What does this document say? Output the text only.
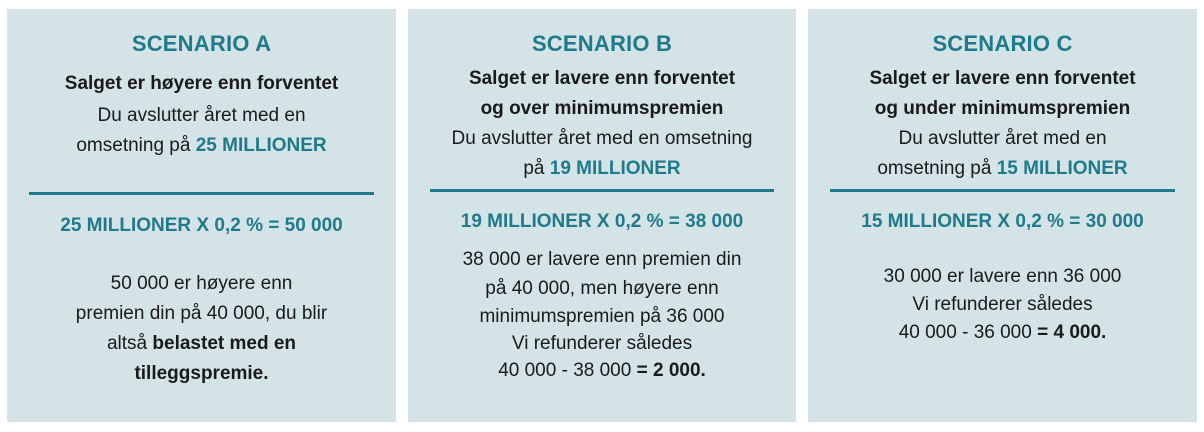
SCENARIO A
Salget er høyere enn forventet
Du avslutter året med en
omsetning på 25 MILLIONER
25 MILLIONER X 0,2 % = 50 000
50 000 er høyere enn
premien din på 40 000, du blir
altså belastet med en
tilleggspremie.
SCENARIO B
Salget er lavere enn forventet
og over minimumspremien
Du avslutter året med en omsetning
på 19 MILLIONER
19 MILLIONER X 0,2 % = 38 000
38 000 er lavere enn premien din
på 40 000, men høyere enn
minimumspremien på 36 000
Vi refunderer således
40 000 - 38 000 = 2 000.
SCENARIO C
Salget er lavere enn forventet
og under minimumspremien
Du avslutter året med en
omsetning på 15 MILLIONER
15 MILLIONER X 0,2 % = 30 000
30 000 er lavere enn 36 000
Vi refunderer således
40 000 - 36 000 = 4 000.
